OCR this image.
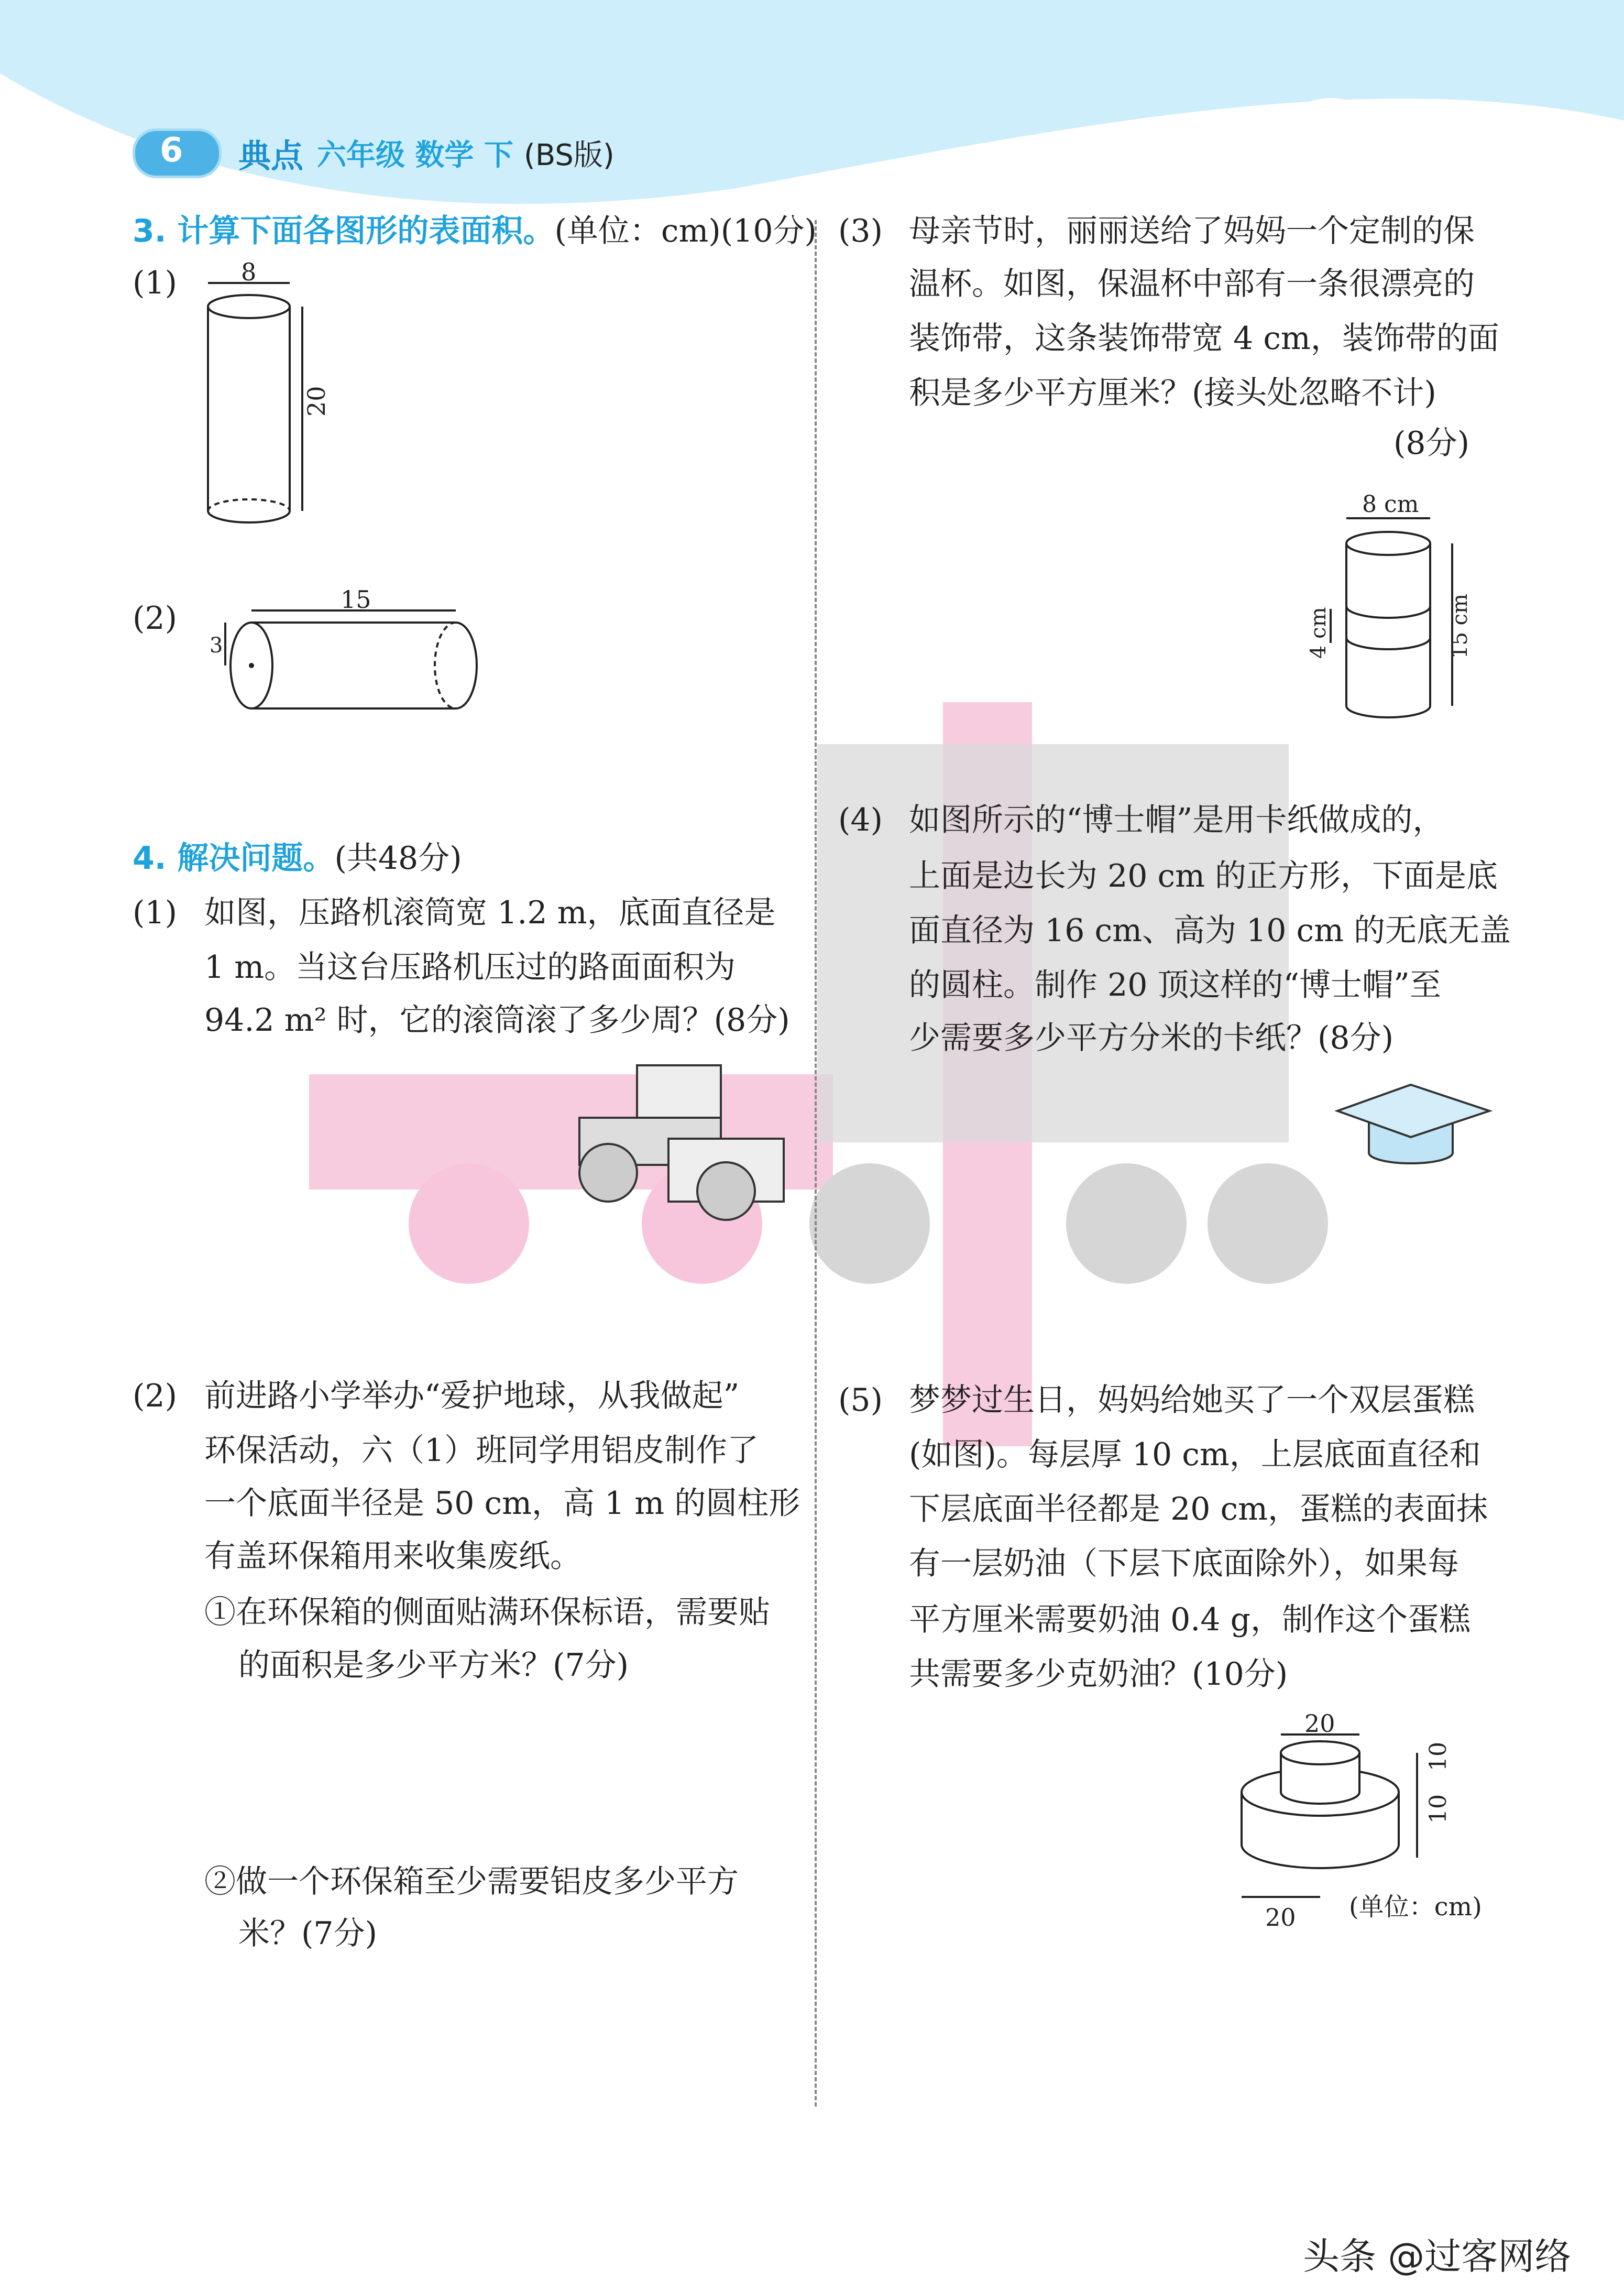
6 典点 六年级 数学 下 (BS版)
3. 计算下面各图形的表面积。(单位：cm)(10分)
(1)	8
20
(2)
15
3
4. 解决问题。(共48分)
(1) 如图，压路机滚筒宽 1.2 m，底面直径是
1 m。当这台压路机压过的路面面积为
94.2 m² 时，它的滚筒滚了多少周？(8分)
(2) 前进路小学举办“爱护地球，从我做起”
环保活动，六（1）班同学用铝皮制作了
一个底面半径是 50 cm，高 1 m 的圆柱形
有盖环保箱用来收集废纸。
①在环保箱的侧面贴满环保标语，需要贴
的面积是多少平方米？(7分)
②做一个环保箱至少需要铝皮多少平方
米？(7分)
(3) 母亲节时，丽丽送给了妈妈一个定制的保
温杯。如图，保温杯中部有一条很漂亮的
装饰带，这条装饰带宽 4 cm，装饰带的面
积是多少平方厘米？(接头处忽略不计)
(8分)
8 cm
4 cm	15 cm
(4) 如图所示的“博士帽”是用卡纸做成的，
上面是边长为 20 cm 的正方形，下面是底
面直径为 16 cm、高为 10 cm 的无底无盖
的圆柱。制作 20 顶这样的“博士帽”至
少需要多少平方分米的卡纸？(8分)
(5) 梦梦过生日，妈妈给她买了一个双层蛋糕
(如图)。每层厚 10 cm，上层底面直径和
下层底面半径都是 20 cm，蛋糕的表面抹
有一层奶油（下层下底面除外），如果每
平方厘米需要奶油 0.4 g，制作这个蛋糕
共需要多少克奶油？(10分)
20
20
10
10
(单位：cm)
头条 @过客网络
